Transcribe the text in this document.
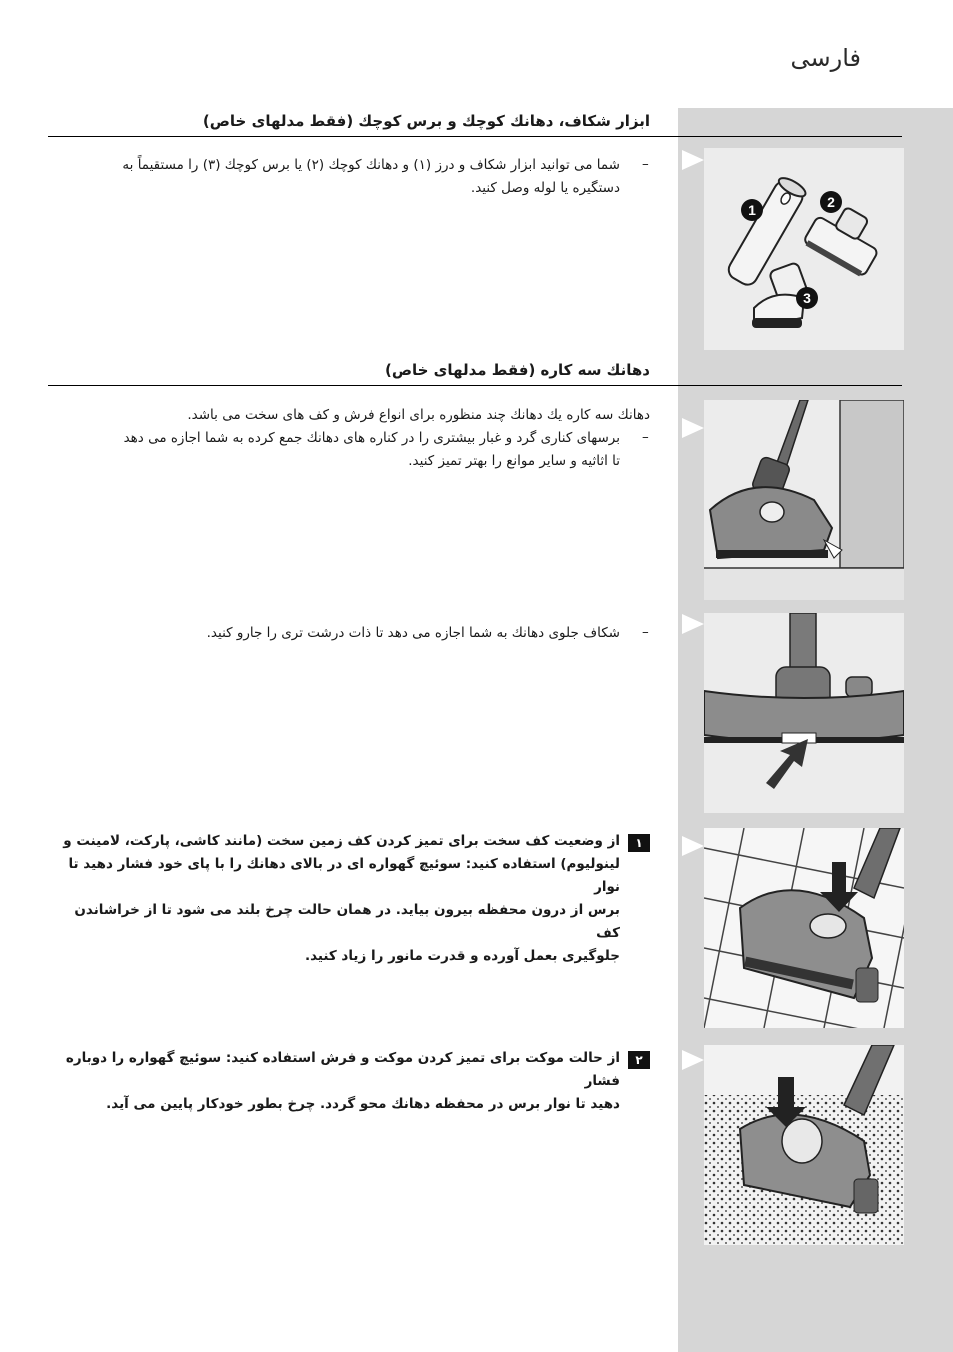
فارسی
ابزار شکاف، دهانك کوچك و برس کوچك (فقط مدلهای خاص)
–
شما می توانید ابزار شکاف و درز (۱) و دهانك کوچك (۲) یا برس کوچك (۳) را مستقیماً به
دستگیره یا لوله وصل کنید.
1	2
3
دهانك سه کاره (فقط مدلهای خاص)
دهانك سه کاره یك دهانك چند منظوره برای انواع فرش و کف های سخت می باشد.
–
برسهای کناری گرد و غبار بیشتری را در کناره های دهانك جمع کرده به شما اجازه می دهد
تا اثاثیه و سایر موانع را بهتر تمیز کنید.
–
شکاف جلوی دهانك به شما اجازه می دهد تا ذات درشت تری را جارو کنید.
۱
از وضعیت کف سخت برای تمیز کردن کف زمین سخت (مانند کاشی، پارکت، لامینت و
لینولیوم) استفاده کنید: سوئیچ گهواره ای در بالای دهانك را با پای خود فشار دهید تا نوار
برس از درون محفظه بیرون بیاید. در همان حالت چرخ بلند می شود تا از خراشاندن کف
جلوگیری بعمل آورده و قدرت مانور را زیاد کنید.
۲
از حالت موکت برای تمیز کردن موکت و فرش استفاده کنید: سوئیچ گهواره را دوباره فشار
دهید تا نوار برس در محفظه دهانك محو گردد. چرخ بطور خودکار پایین می آید.
